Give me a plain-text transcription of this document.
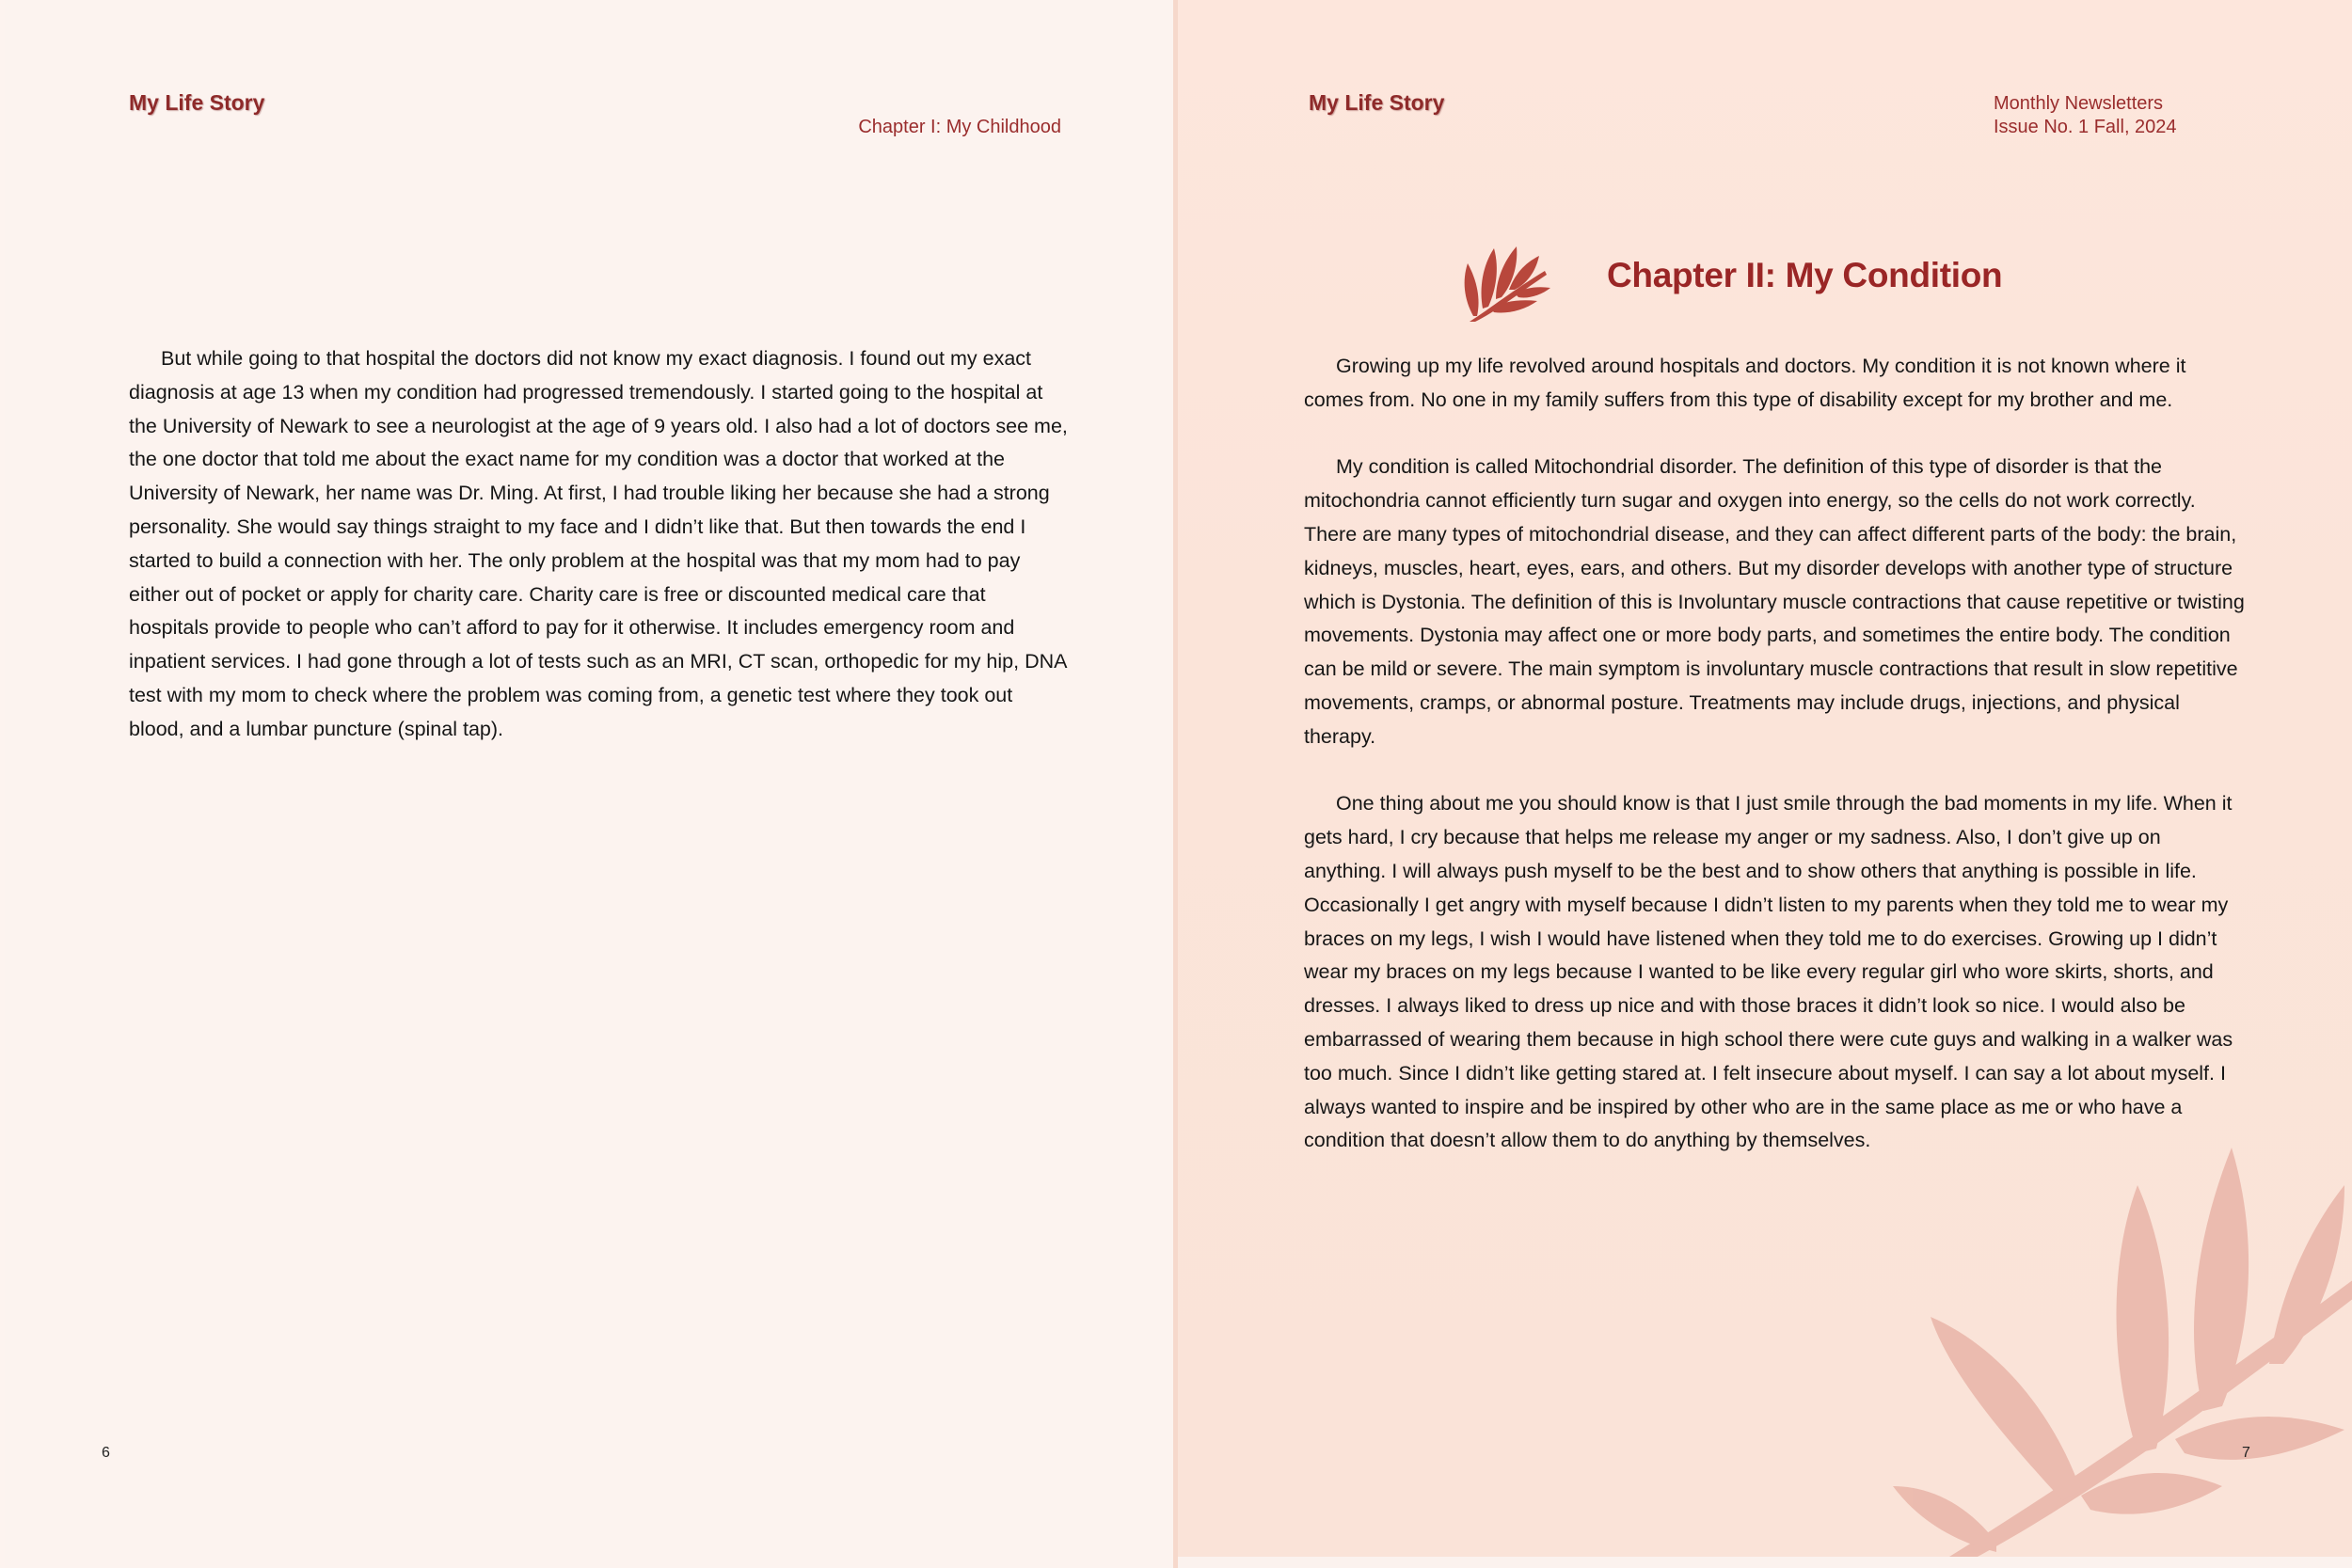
My Life Story

Chapter I: My Childhood

But while going to that hospital the doctors did not know my exact diagnosis. I found out my exact diagnosis at age 13 when my condition had progressed tremendously. I started going to the hospital at the University of Newark to see a neurologist at the age of 9 years old. I also had a lot of doctors see me, the one doctor that told me about the exact name for my condition was a doctor that worked at the University of Newark, her name was Dr. Ming. At first, I had trouble liking her because she had a strong personality. She would say things straight to my face and I didn’t like that. But then towards the end I started to build a connection with her. The only problem at the hospital was that my mom had to pay either out of pocket or apply for charity care. Charity care is free or discounted medical care that hospitals provide to people who can’t afford to pay for it otherwise. It includes emergency room and inpatient services. I had gone through a lot of tests such as an MRI, CT scan, orthopedic for my hip, DNA test with my mom to check where the problem was coming from, a genetic test where they took out blood, and a lumbar puncture (spinal tap).

6

My Life Story	Monthly Newsletters

Issue No. 1 Fall, 2024

Chapter II: My Condition

Growing up my life revolved around hospitals and doctors. My condition it is not known where it comes from. No one in my family suffers from this type of disability except for my brother and me.

My condition is called Mitochondrial disorder. The definition of this type of disorder is that the mitochondria cannot efficiently turn sugar and oxygen into energy, so the cells do not work correctly. There are many types of mitochondrial disease, and they can affect different parts of the body: the brain, kidneys, muscles, heart, eyes, ears, and others. But my disorder develops with another type of structure which is Dystonia. The definition of this is Involuntary muscle contractions that cause repetitive or twisting movements. Dystonia may affect one or more body parts, and sometimes the entire body. The condition can be mild or severe. The main symptom is involuntary muscle contractions that result in slow repetitive movements, cramps, or abnormal posture. Treatments may include drugs, injections, and physical therapy.

One thing about me you should know is that I just smile through the bad moments in my life. When it gets hard, I cry because that helps me release my anger or my sadness. Also, I don’t give up on anything. I will always push myself to be the best and to show others that anything is possible in life. Occasionally I get angry with myself because I didn’t listen to my parents when they told me to wear my braces on my legs, I wish I would have listened when they told me to do exercises. Growing up I didn’t wear my braces on my legs because I wanted to be like every regular girl who wore skirts, shorts, and dresses. I always liked to dress up nice and with those braces it didn’t look so nice. I would also be embarrassed of wearing them because in high school there were cute guys and walking in a walker was too much. Since I didn’t like getting stared at. I felt insecure about myself. I can say a lot about myself. I always wanted to inspire and be inspired by other who are in the same place as me or who have a condition that doesn’t allow them to do anything by themselves.

7
